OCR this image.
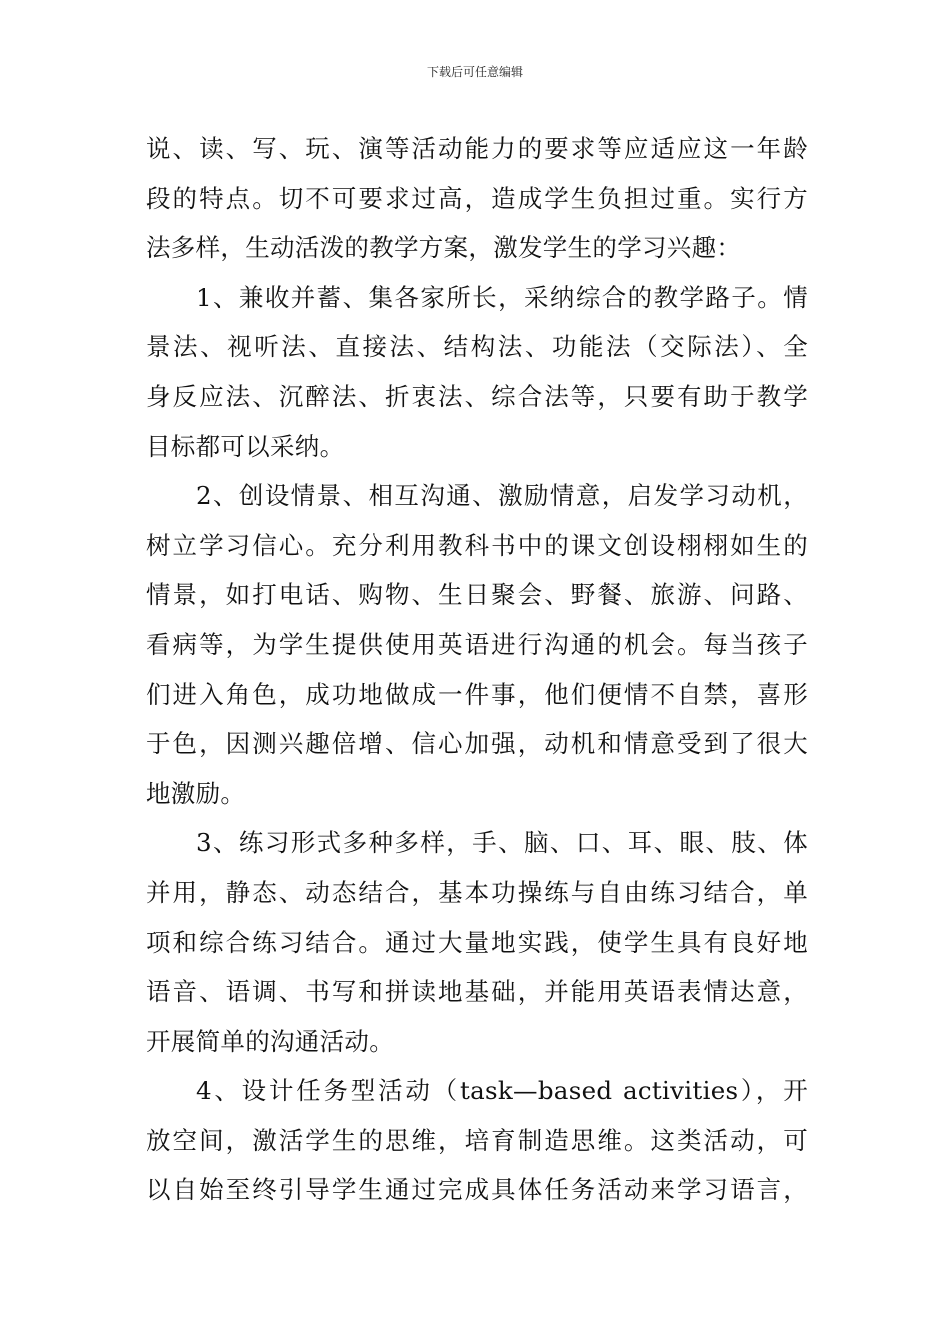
下载后可任意编辑
说、读、写、玩、演等活动能力的要求等应适应这一年龄
段的特点。切不可要求过高，造成学生负担过重。实行方
法多样，生动活泼的教学方案，激发学生的学习兴趣：
1、兼收并蓄、集各家所长，采纳综合的教学路子。情
景法、视听法、直接法、结构法、功能法（交际法）、全
身反应法、沉醉法、折衷法、综合法等，只要有助于教学
目标都可以采纳。
2、创设情景、相互沟通、激励情意，启发学习动机，
树立学习信心。充分利用教科书中的课文创设栩栩如生的
情景，如打电话、购物、生日聚会、野餐、旅游、问路、
看病等，为学生提供使用英语进行沟通的机会。每当孩子
们进入角色，成功地做成一件事，他们便情不自禁，喜形
于色，因测兴趣倍增、信心加强，动机和情意受到了很大
地激励。
3、练习形式多种多样，手、脑、口、耳、眼、肢、体
并用，静态、动态结合，基本功操练与自由练习结合，单
项和综合练习结合。通过大量地实践，使学生具有良好地
语音、语调、书写和拼读地基础，并能用英语表情达意，
开展简单的沟通活动。
4、设计任务型活动（task—based activities），开
放空间，激活学生的思维，培育制造思维。这类活动，可
以自始至终引导学生通过完成具体任务活动来学习语言，
